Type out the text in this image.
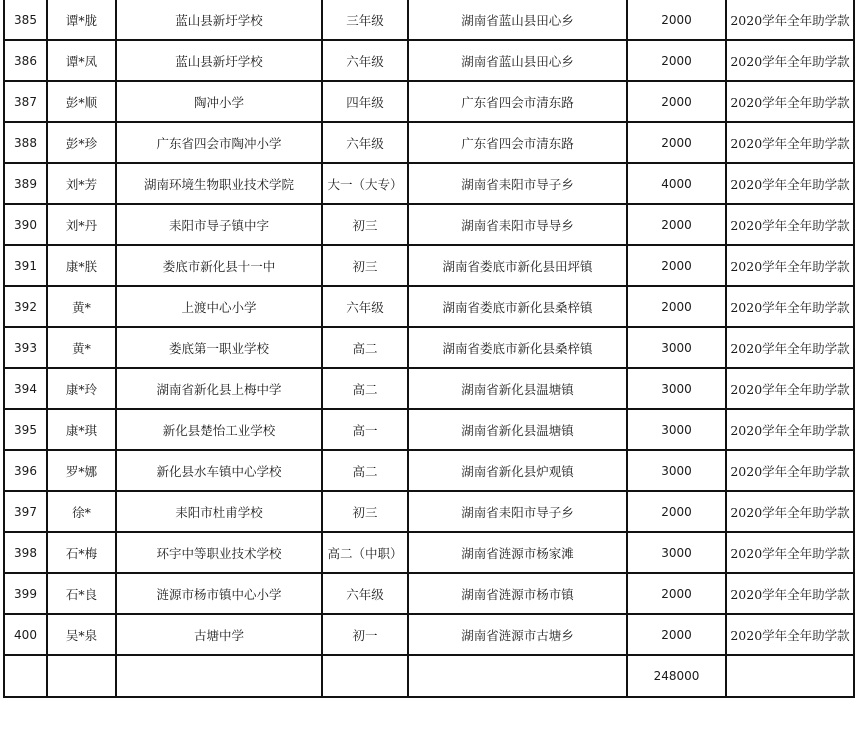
385	谭*胧	蓝山县新圩学校	三年级	湖南省蓝山县田心乡	2000	2020学年全年助学款
386	谭*凤	蓝山县新圩学校	六年级	湖南省蓝山县田心乡	2000	2020学年全年助学款
387	彭*顺	陶冲小学	四年级	广东省四会市清东路	2000	2020学年全年助学款
388	彭*珍	广东省四会市陶冲小学	六年级	广东省四会市清东路	2000	2020学年全年助学款
389	刘*芳	湖南环境生物职业技术学院	大一（大专）	湖南省耒阳市导子乡	4000	2020学年全年助学款
390	刘*丹	耒阳市导子镇中字	初三	湖南省耒阳市导导乡	2000	2020学年全年助学款
391	康*朕	娄底市新化县十一中	初三	湖南省娄底市新化县田坪镇	2000	2020学年全年助学款
392	黄*	上渡中心小学	六年级	湖南省娄底市新化县桑梓镇	2000	2020学年全年助学款
393	黄*	娄底第一职业学校	高二	湖南省娄底市新化县桑梓镇	3000	2020学年全年助学款
394	康*玲	湖南省新化县上梅中学	高二	湖南省新化县温塘镇	3000	2020学年全年助学款
395	康*琪	新化县楚怡工业学校	高一	湖南省新化县温塘镇	3000	2020学年全年助学款
396	罗*娜	新化县水车镇中心学校	高二	湖南省新化县炉观镇	3000	2020学年全年助学款
397	徐*	耒阳市杜甫学校	初三	湖南省耒阳市导子乡	2000	2020学年全年助学款
398	石*梅	环宇中等职业技术学校	高二（中职）	湖南省涟源市杨家滩	3000	2020学年全年助学款
399	石*良	涟源市杨市镇中心小学	六年级	湖南省涟源市杨市镇	2000	2020学年全年助学款
400	吴*泉	古塘中学	初一	湖南省涟源市古塘乡	2000	2020学年全年助学款
					248000	
